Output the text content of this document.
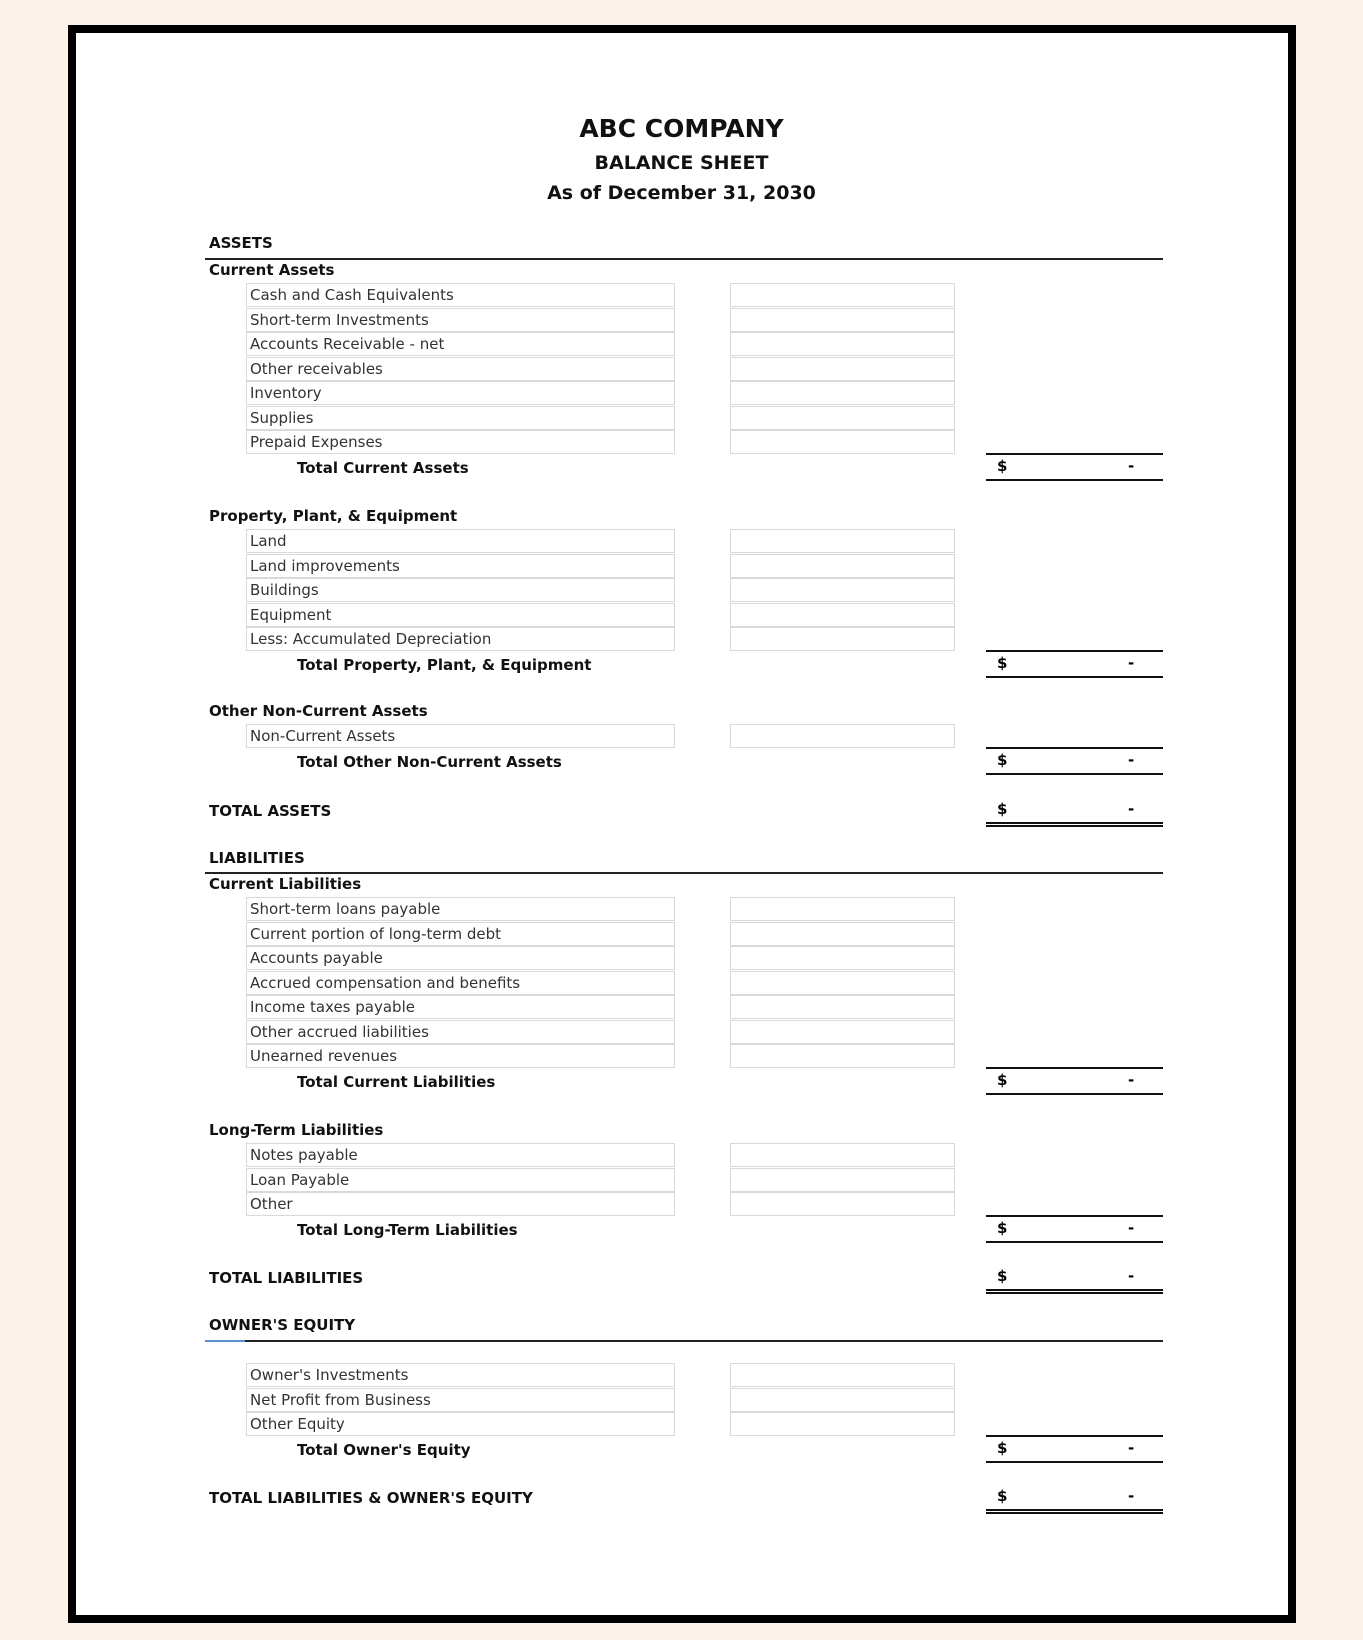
ABC COMPANY
BALANCE SHEET
As of December 31, 2030
ASSETS
Current Assets
Cash and Cash Equivalents
Short-term Investments
Accounts Receivable - net
Other receivables
Inventory
Supplies
Prepaid Expenses
Total Current Assets	$	-
Property, Plant, & Equipment
Land
Land improvements
Buildings
Equipment
Less: Accumulated Depreciation
Total Property, Plant, & Equipment	$	-
Other Non-Current Assets
Non-Current Assets
Total Other Non-Current Assets	$	-
TOTAL ASSETS	$	-
LIABILITIES
Current Liabilities
Short-term loans payable
Current portion of long-term debt
Accounts payable
Accrued compensation and benefits
Income taxes payable
Other accrued liabilities
Unearned revenues
Total Current Liabilities	$	-
Long-Term Liabilities
Notes payable
Loan Payable
Other
Total Long-Term Liabilities	$	-
TOTAL LIABILITIES	$	-
OWNER'S EQUITY
Owner's Investments
Net Profit from Business
Other Equity
Total Owner's Equity	$	-
TOTAL LIABILITIES & OWNER'S EQUITY	$	-
